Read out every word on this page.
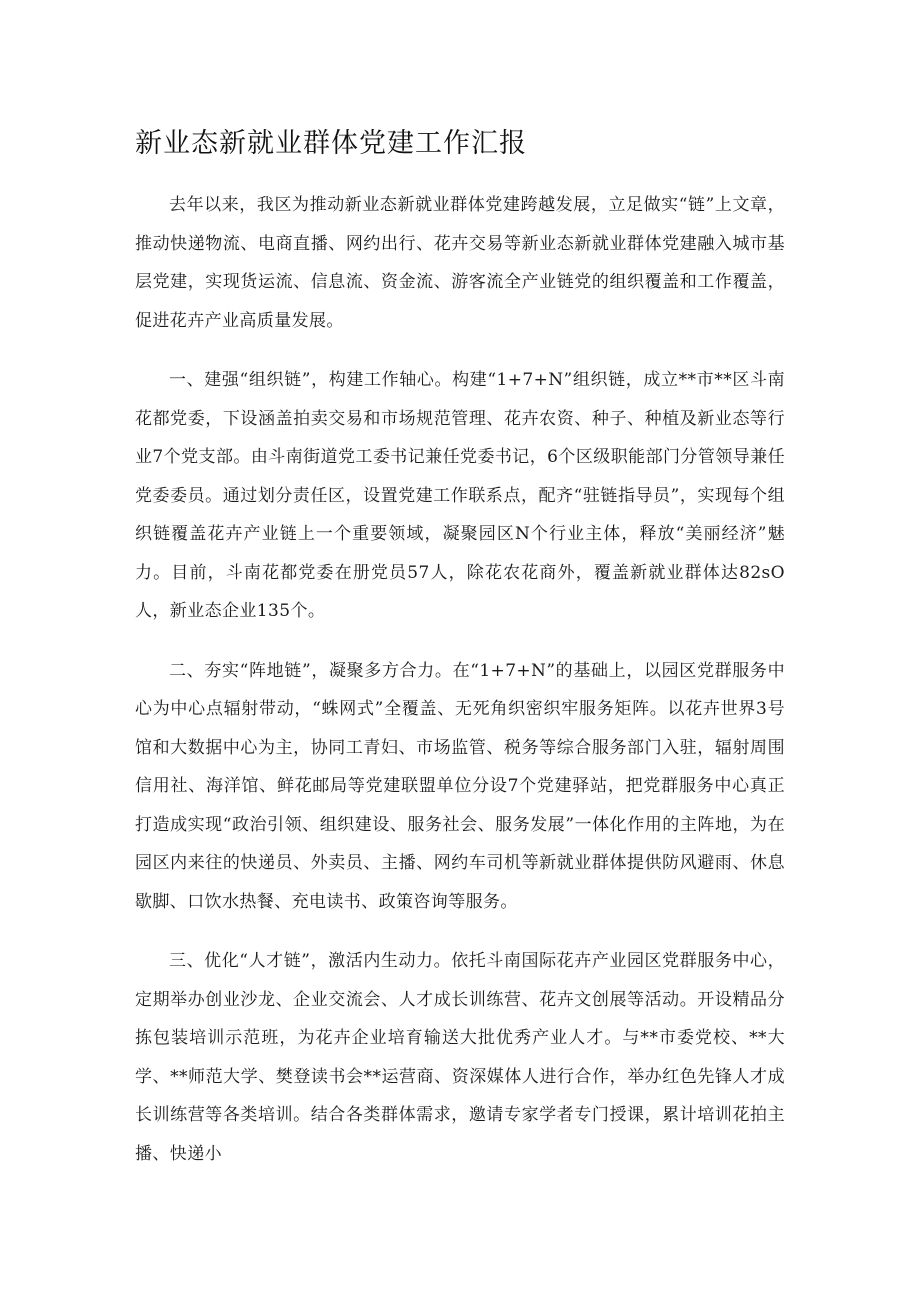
新业态新就业群体党建工作汇报

去年以来，我区为推动新业态新就业群体党建跨越发展，立足做实“链”上文章，推动快递物流、电商直播、网约出行、花卉交易等新业态新就业群体党建融入城市基层党建，实现货运流、信息流、资金流、游客流全产业链党的组织覆盖和工作覆盖，促进花卉产业高质量发展。

一、建强“组织链”，构建工作轴心。构建“1+7+N”组织链，成立**市**区斗南花都党委，下设涵盖拍卖交易和市场规范管理、花卉农资、种子、种植及新业态等行业7个党支部。由斗南街道党工委书记兼任党委书记，6个区级职能部门分管领导兼任党委委员。通过划分责任区，设置党建工作联系点，配齐“驻链指导员”，实现每个组织链覆盖花卉产业链上一个重要领域，凝聚园区N个行业主体，释放“美丽经济”魅力。目前，斗南花都党委在册党员57人，除花农花商外，覆盖新就业群体达82sO人，新业态企业135个。

二、夯实“阵地链”，凝聚多方合力。在“1+7+N”的基础上，以园区党群服务中心为中心点辐射带动，“蛛网式”全覆盖、无死角织密织牢服务矩阵。以花卉世界3号馆和大数据中心为主，协同工青妇、市场监管、税务等综合服务部门入驻，辐射周围信用社、海洋馆、鲜花邮局等党建联盟单位分设7个党建驿站，把党群服务中心真正打造成实现“政治引领、组织建设、服务社会、服务发展”一体化作用的主阵地，为在园区内来往的快递员、外卖员、主播、网约车司机等新就业群体提供防风避雨、休息歇脚、口饮水热餐、充电读书、政策咨询等服务。

三、优化“人才链”，激活内生动力。依托斗南国际花卉产业园区党群服务中心，定期举办创业沙龙、企业交流会、人才成长训练营、花卉文创展等活动。开设精品分拣包装培训示范班，为花卉企业培育输送大批优秀产业人才。与**市委党校、**大学、**师范大学、樊登读书会**运营商、资深媒体人进行合作，举办红色先锋人才成长训练营等各类培训。结合各类群体需求，邀请专家学者专门授课，累计培训花拍主播、快递小
